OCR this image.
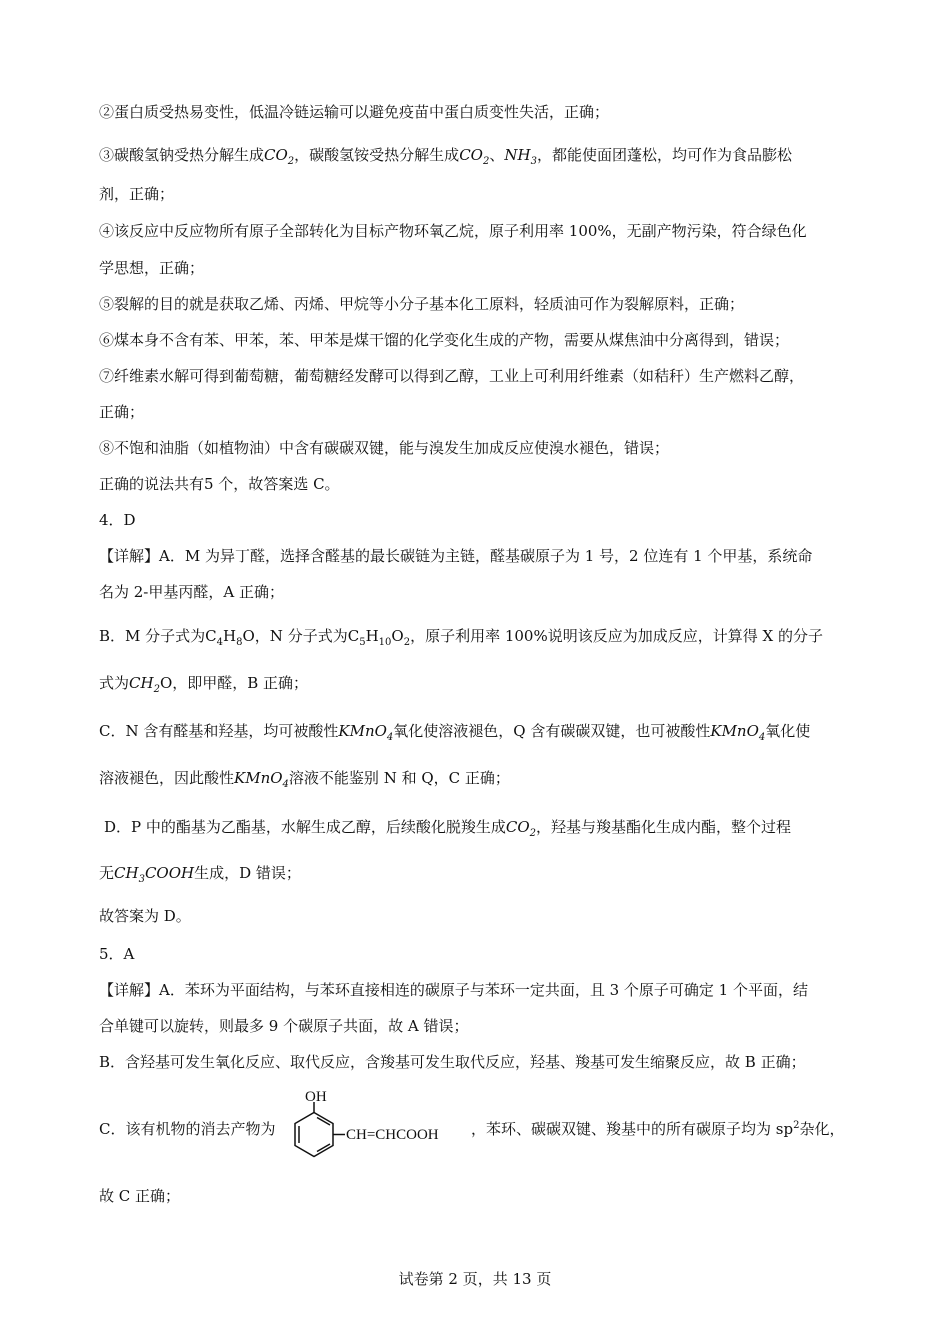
②蛋白质受热易变性，低温冷链运输可以避免疫苗中蛋白质变性失活，正确；
③碳酸氢钠受热分解生成$CO_2$，碳酸氢铵受热分解生成$CO_2$、$NH_3$，都能使面团蓬松，均可作为食品膨松
剂，正确；
④该反应中反应物所有原子全部转化为目标产物环氧乙烷，原子利用率 100%，无副产物污染，符合绿色化
学思想，正确；
⑤裂解的目的就是获取乙烯、丙烯、甲烷等小分子基本化工原料，轻质油可作为裂解原料，正确；
⑥煤本身不含有苯、甲苯，苯、甲苯是煤干馏的化学变化生成的产物，需要从煤焦油中分离得到，错误；
⑦纤维素水解可得到葡萄糖，葡萄糖经发酵可以得到乙醇，工业上可利用纤维素（如秸秆）生产燃料乙醇，
正确；
⑧不饱和油脂（如植物油）中含有碳碳双键，能与溴发生加成反应使溴水褪色，错误；
正确的说法共有5 个，故答案选 C。
4．D
【详解】A．M 为异丁醛，选择含醛基的最长碳链为主链，醛基碳原子为 1 号，2 位连有 1 个甲基，系统命
名为 2-甲基丙醛，A 正确；
B．M 分子式为$C_4H_8O$，N 分子式为$C_5H_{10}O_2$，原子利用率 100%说明该反应为加成反应，计算得 X 的分子
式为$CH_2O$，即甲醛，B 正确；
C．N 含有醛基和羟基，均可被酸性KMnO$_4$氧化使溶液褪色，Q 含有碳碳双键，也可被酸性KMnO$_4$氧化使
溶液褪色，因此酸性KMnO$_4$溶液不能鉴别 N 和 Q，C 正确；
D．P 中的酯基为乙酯基，水解生成乙醇，后续酸化脱羧生成$CO_2$，羟基与羧基酯化生成内酯，整个过程
无$CH_3COOH$生成，D 错误；
故答案为 D。
5．A
【详解】A．苯环为平面结构，与苯环直接相连的碳原子与苯环一定共面，且 3 个原子可确定 1 个平面，结
合单键可以旋转，则最多 9 个碳原子共面，故 A 错误；
B．含羟基可发生氧化反应、取代反应，含羧基可发生取代反应，羟基、羧基可发生缩聚反应，故 B 正确；
C．该有机物的消去产物为
OH
CH=CHCOOH ，苯环、碳碳双键、羧基中的所有碳原子均为 $sp^2$杂化，
故 C 正确；
试卷第 2 页，共 13 页
